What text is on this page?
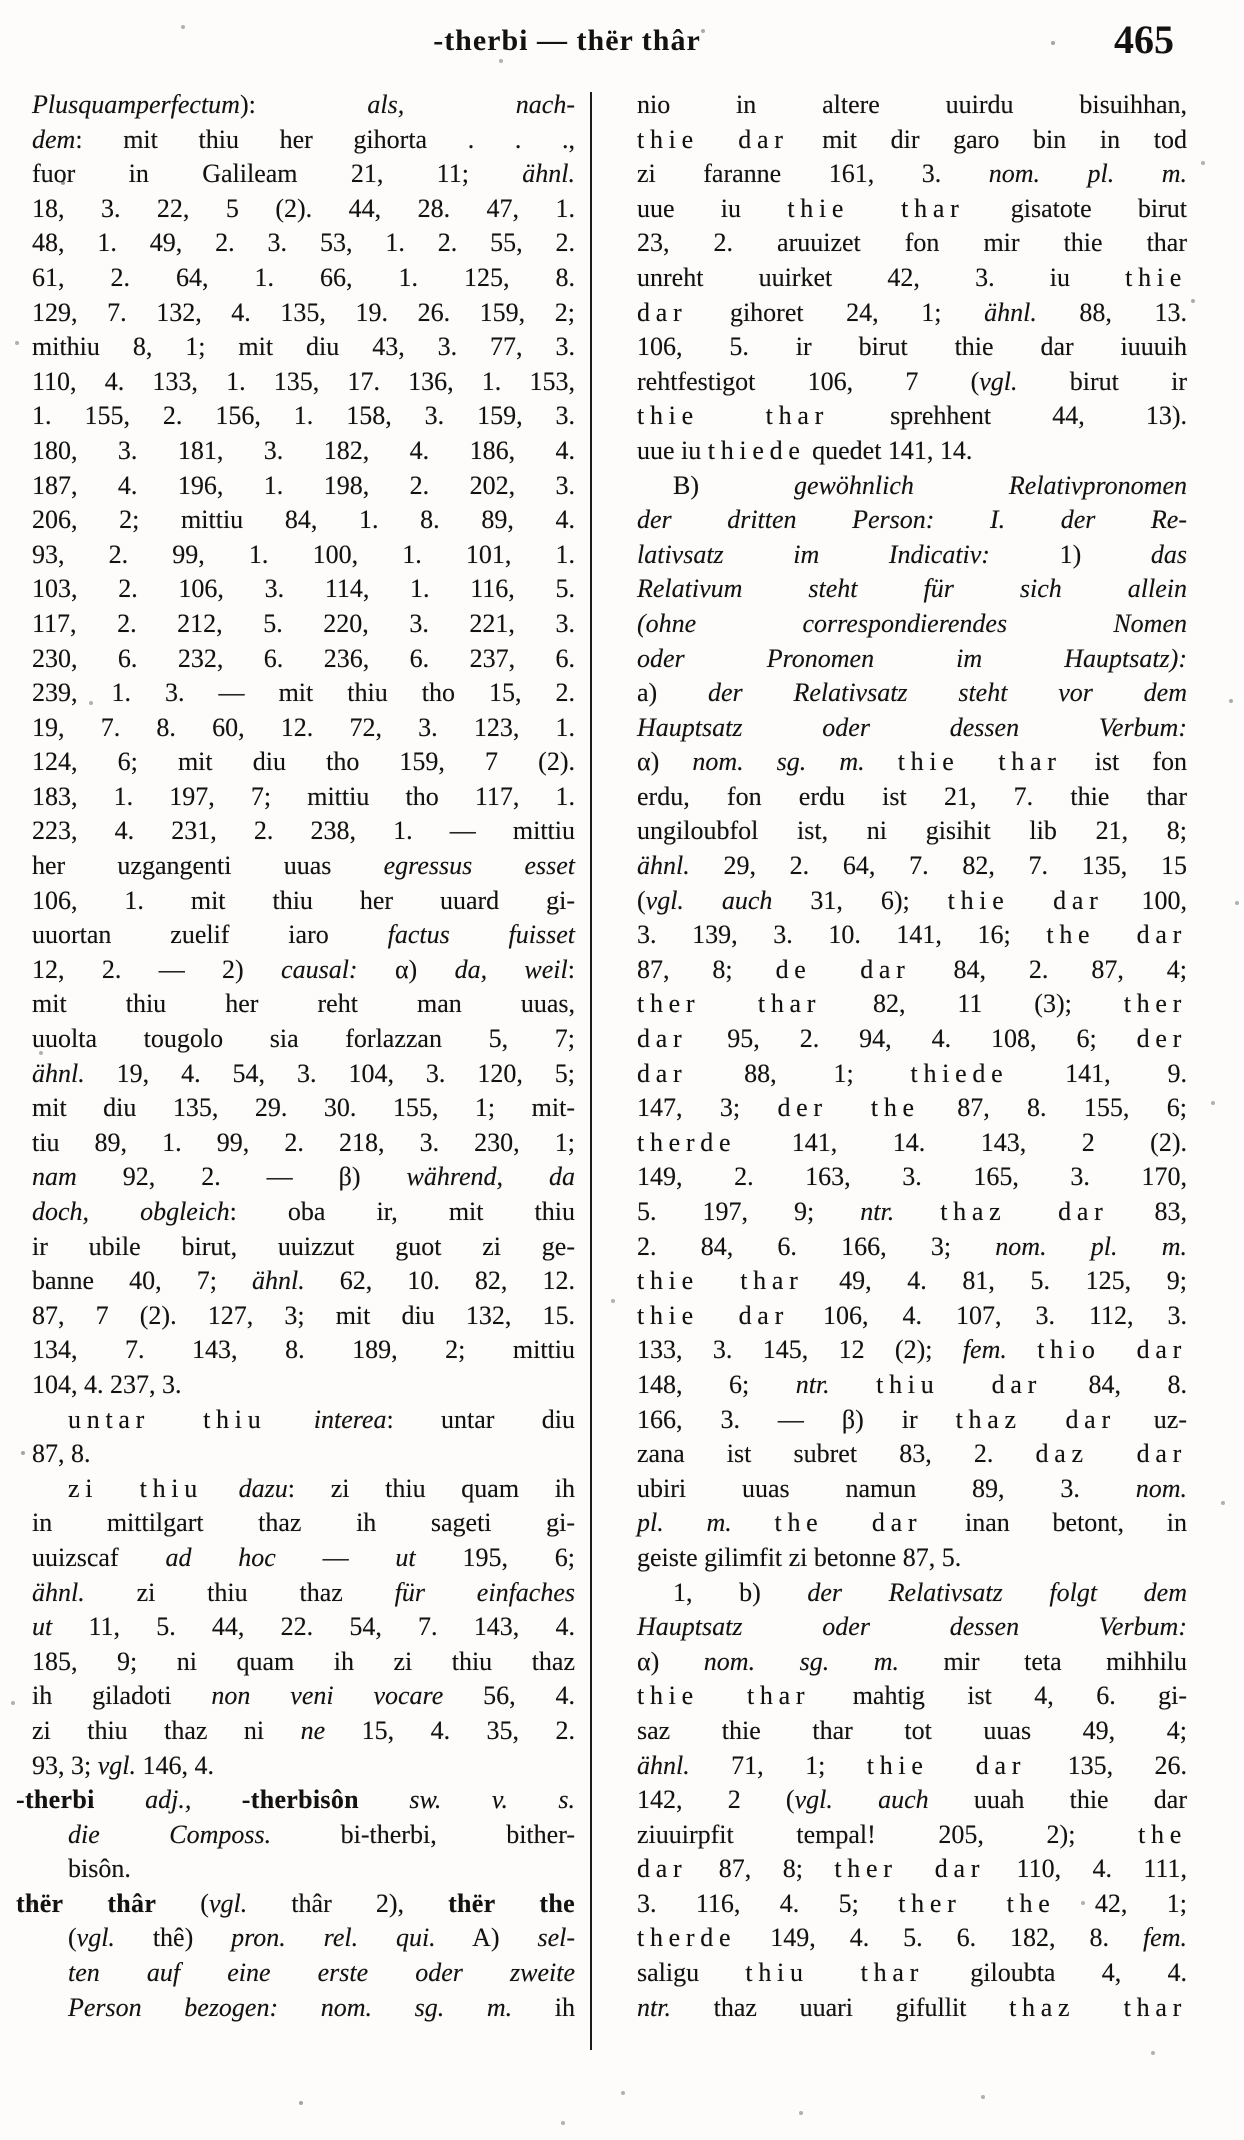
-therbi — thër thâr	465
Plusquamperfectum): als, nach-
dem: mit thiu her gihorta . . .,
fuor in Galileam 21, 11; ähnl.
18, 3. 22, 5 (2). 44, 28. 47, 1.
48, 1. 49, 2. 3. 53, 1. 2. 55, 2.
61, 2. 64, 1. 66, 1. 125, 8.
129, 7. 132, 4. 135, 19. 26. 159, 2;
mithiu 8, 1; mit diu 43, 3. 77, 3.
110, 4. 133, 1. 135, 17. 136, 1. 153,
1. 155, 2. 156, 1. 158, 3. 159, 3.
180, 3. 181, 3. 182, 4. 186, 4.
187, 4. 196, 1. 198, 2. 202, 3.
206, 2; mittiu 84, 1. 8. 89, 4.
93, 2. 99, 1. 100, 1. 101, 1.
103, 2. 106, 3. 114, 1. 116, 5.
117, 2. 212, 5. 220, 3. 221, 3.
230, 6. 232, 6. 236, 6. 237, 6.
239, 1. 3. — mit thiu tho 15, 2.
19, 7. 8. 60, 12. 72, 3. 123, 1.
124, 6; mit diu tho 159, 7 (2).
183, 1. 197, 7; mittiu tho 117, 1.
223, 4. 231, 2. 238, 1. — mittiu
her uzgangenti uuas egressus esset
106, 1. mit thiu her uuard gi-
uuortan zuelif iaro factus fuisset
12, 2. — 2) causal: α) da, weil:
mit thiu her reht man uuas,
uuolta tougolo sia forlazzan 5, 7;
ähnl. 19, 4. 54, 3. 104, 3. 120, 5;
mit diu 135, 29. 30. 155, 1; mit-
tiu 89, 1. 99, 2. 218, 3. 230, 1;
nam 92, 2. — β) während, da
doch, obgleich: oba ir, mit thiu
ir ubile birut, uuizzut guot zi ge-
banne 40, 7; ähnl. 62, 10. 82, 12.
87, 7 (2). 127, 3; mit diu 132, 15.
134, 7. 143, 8. 189, 2; mittiu
104, 4. 237, 3.
untar thiu interea: untar diu
87, 8.
zi thiu dazu: zi thiu quam ih
in mittilgart thaz ih sageti gi-
uuizscaf ad hoc — ut 195, 6;
ähnl. zi thiu thaz für einfaches
ut 11, 5. 44, 22. 54, 7. 143, 4.
185, 9; ni quam ih zi thiu thaz
ih giladoti non veni vocare 56, 4.
zi thiu thaz ni ne 15, 4. 35, 2.
93, 3; vgl. 146, 4.
-therbi adj., -therbisôn sw. v. s.
die Composs. bi-therbi, bither-
bisôn.
thër thâr (vgl. thâr 2), thër the
(vgl. thê) pron. rel. qui. A) sel-
ten auf eine erste oder zweite
Person bezogen: nom. sg. m. ih
nio in altere uuirdu bisuihhan,
thie dar mit dir garo bin in tod
zi faranne 161, 3. nom. pl. m.
uue iu thie thar gisatote birut
23, 2. aruuizet fon mir thie thar
unreht uuirket 42, 3. iu thie
dar gihoret 24, 1; ähnl. 88, 13.
106, 5. ir birut thie dar iuuuih
rehtfestigot 106, 7 (vgl. birut ir
thie thar sprehhent 44, 13).
uue iu thiede quedet 141, 14.
B) gewöhnlich Relativpronomen
der dritten Person: I. der Re-
lativsatz im Indicativ: 1) das
Relativum steht für sich allein
(ohne correspondierendes Nomen
oder Pronomen im Hauptsatz):
a) der Relativsatz steht vor dem
Hauptsatz oder dessen Verbum:
α) nom. sg. m. thie thar ist fon
erdu, fon erdu ist 21, 7. thie thar
ungiloubfol ist, ni gisihit lib 21, 8;
ähnl. 29, 2. 64, 7. 82, 7. 135, 15
(vgl. auch 31, 6); thie dar 100,
3. 139, 3. 10. 141, 16; the dar
87, 8; de dar 84, 2. 87, 4;
ther thar 82, 11 (3); ther
dar 95, 2. 94, 4. 108, 6; der
dar 88, 1; thiede 141, 9.
147, 3; der the 87, 8. 155, 6;
therde 141, 14. 143, 2 (2).
149, 2. 163, 3. 165, 3. 170,
5. 197, 9; ntr. thaz dar 83,
2. 84, 6. 166, 3; nom. pl. m.
thie thar 49, 4. 81, 5. 125, 9;
thie dar 106, 4. 107, 3. 112, 3.
133, 3. 145, 12 (2); fem. thio dar
148, 6; ntr. thiu dar 84, 8.
166, 3. — β) ir thaz dar uz-
zana ist subret 83, 2. daz dar
ubiri uuas namun 89, 3. nom.
pl. m. the dar inan betont, in
geiste gilimfit zi betonne 87, 5.
1, b) der Relativsatz folgt dem
Hauptsatz oder dessen Verbum:
α) nom. sg. m. mir teta mihhilu
thie thar mahtig ist 4, 6. gi-
saz thie thar tot uuas 49, 4;
ähnl. 71, 1; thie dar 135, 26.
142, 2 (vgl. auch uuah thie dar
ziuuirpfit tempal! 205, 2); the
dar 87, 8; ther dar 110, 4. 111,
3. 116, 4. 5; ther the 42, 1;
therde 149, 4. 5. 6. 182, 8. fem.
saligu thiu thar giloubta 4, 4.
ntr. thaz uuari gifullit thaz thar
